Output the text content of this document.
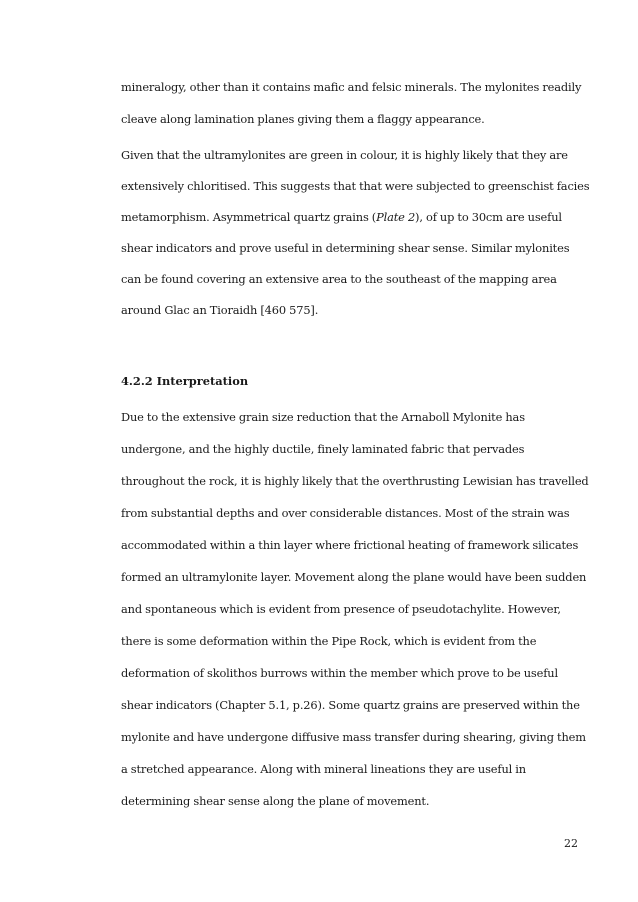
mineralogy, other than it contains mafic and felsic minerals. The mylonites readily
cleave along lamination planes giving them a flaggy appearance.
Given that the ultramylonites are green in colour, it is highly likely that they are
extensively chloritised. This suggests that that were subjected to greenschist facies
metamorphism. Asymmetrical quartz grains (Plate 2), of up to 30cm are useful
shear indicators and prove useful in determining shear sense. Similar mylonites
can be found covering an extensive area to the southeast of the mapping area
around Glac an Tioraidh [460 575].
4.2.2 Interpretation
Due to the extensive grain size reduction that the Arnaboll Mylonite has
undergone, and the highly ductile, finely laminated fabric that pervades
throughout the rock, it is highly likely that the overthrusting Lewisian has travelled
from substantial depths and over considerable distances. Most of the strain was
accommodated within a thin layer where frictional heating of framework silicates
formed an ultramylonite layer. Movement along the plane would have been sudden
and spontaneous which is evident from presence of pseudotachylite. However,
there is some deformation within the Pipe Rock, which is evident from the
deformation of skolithos burrows within the member which prove to be useful
shear indicators (Chapter 5.1, p.26). Some quartz grains are preserved within the
mylonite and have undergone diffusive mass transfer during shearing, giving them
a stretched appearance. Along with mineral lineations they are useful in
determining shear sense along the plane of movement.
22
